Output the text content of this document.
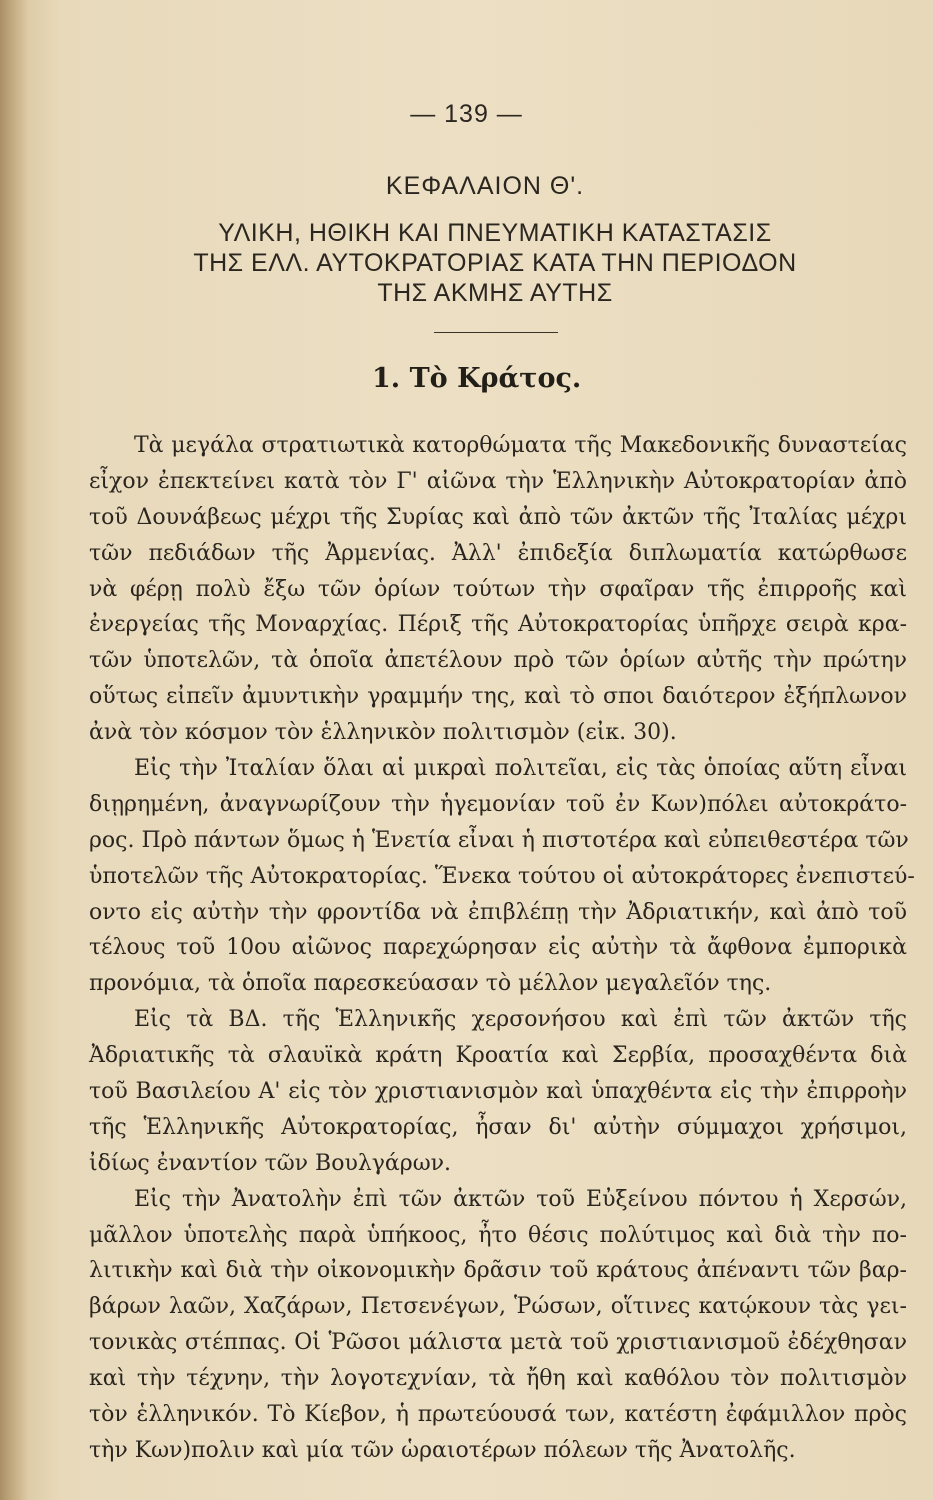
— 139 —
ΚΕΦΑΛΑΙΟΝ Θ'.
ΥΛΙΚΗ, ΗΘΙΚΗ ΚΑΙ ΠΝΕΥΜΑΤΙΚΗ ΚΑΤΑΣΤΑΣΙΣ
ΤΗΣ ΕΛΛ. ΑΥΤΟΚΡΑΤΟΡΙΑΣ ΚΑΤΑ ΤΗΝ ΠΕΡΙΟΔΟΝ
ΤΗΣ ΑΚΜΗΣ ΑΥΤΗΣ
1. Τὸ Κράτος.
Τὰ μεγάλα στρατιωτικὰ κατορθώματα τῆς Μακεδονικῆς δυναστείας
εἶχον ἐπεκτείνει κατὰ τὸν Γ' αἰῶνα τὴν Ἑλληνικὴν Αὐτοκρατορίαν ἀπὸ
τοῦ Δουνάβεως μέχρι τῆς Συρίας καὶ ἀπὸ τῶν ἀκτῶν τῆς Ἰταλίας μέχρι
τῶν πεδιάδων τῆς Ἀρμενίας. Ἀλλ' ἐπιδεξία διπλωματία κατώρθωσε
νὰ φέρῃ πολὺ ἔξω τῶν ὁρίων τούτων τὴν σφαῖραν τῆς ἐπιρροῆς καὶ
ἐνεργείας τῆς Μοναρχίας. Πέριξ τῆς Αὐτοκρατορίας ὑπῆρχε σειρὰ κρα-
τῶν ὑποτελῶν, τὰ ὁποῖα ἀπετέλουν πρὸ τῶν ὁρίων αὐτῆς τὴν πρώτην
οὕτως εἰπεῖν ἀμυντικὴν γραμμήν της, καὶ τὸ σποι δαιότερον ἐξήπλωνον
ἀνὰ τὸν κόσμον τὸν ἑλληνικὸν πολιτισμὸν (εἰκ. 30).
Εἰς τὴν Ἰταλίαν ὅλαι αἱ μικραὶ πολιτεῖαι, εἰς τὰς ὁποίας αὕτη εἶναι
διῃρημένη, ἀναγνωρίζουν τὴν ἡγεμονίαν τοῦ ἐν Κων)πόλει αὐτοκράτο-
ρος. Πρὸ πάντων ὅμως ἡ Ἑνετία εἶναι ἡ πιστοτέρα καὶ εὐπειθεστέρα τῶν
ὑποτελῶν τῆς Αὐτοκρατορίας. Ἕνεκα τούτου οἱ αὐτοκράτορες ἐνεπιστεύ-
οντο εἰς αὐτὴν τὴν φροντίδα νὰ ἐπιβλέπῃ τὴν Ἀδριατικήν, καὶ ἀπὸ τοῦ
τέλους τοῦ 10ου αἰῶνος παρεχώρησαν εἰς αὐτὴν τὰ ἄφθονα ἐμπορικὰ
προνόμια, τὰ ὁποῖα παρεσκεύασαν τὸ μέλλον μεγαλεῖόν της.
Εἰς τὰ ΒΔ. τῆς Ἑλληνικῆς χερσονήσου καὶ ἐπὶ τῶν ἀκτῶν τῆς
Ἀδριατικῆς τὰ σλαυϊκὰ κράτη Κροατία καὶ Σερβία, προσαχθέντα διὰ
τοῦ Βασιλείου Α' εἰς τὸν χριστιανισμὸν καὶ ὑπαχθέντα εἰς τὴν ἐπιρροὴν
τῆς Ἑλληνικῆς Αὐτοκρατορίας, ἦσαν δι' αὐτὴν σύμμαχοι χρήσιμοι,
ἰδίως ἐναντίον τῶν Βουλγάρων.
Εἰς τὴν Ἀνατολὴν ἐπὶ τῶν ἀκτῶν τοῦ Εὐξείνου πόντου ἡ Χερσών,
μᾶλλον ὑποτελὴς παρὰ ὑπήκοος, ἦτο θέσις πολύτιμος καὶ διὰ τὴν πο-
λιτικὴν καὶ διὰ τὴν οἰκονομικὴν δρᾶσιν τοῦ κράτους ἀπέναντι τῶν βαρ-
βάρων λαῶν, Χαζάρων, Πετσενέγων, Ῥώσων, οἵτινες κατῴκουν τὰς γει-
τονικὰς στέππας. Οἱ Ῥῶσοι μάλιστα μετὰ τοῦ χριστιανισμοῦ ἐδέχθησαν
καὶ τὴν τέχνην, τὴν λογοτεχνίαν, τὰ ἤθη καὶ καθόλου τὸν πολιτισμὸν
τὸν ἑλληνικόν. Τὸ Κίεβον, ἡ πρωτεύουσά των, κατέστη ἐφάμιλλον πρὸς
τὴν Κων)πολιν καὶ μία τῶν ὡραιοτέρων πόλεων τῆς Ἀνατολῆς.
